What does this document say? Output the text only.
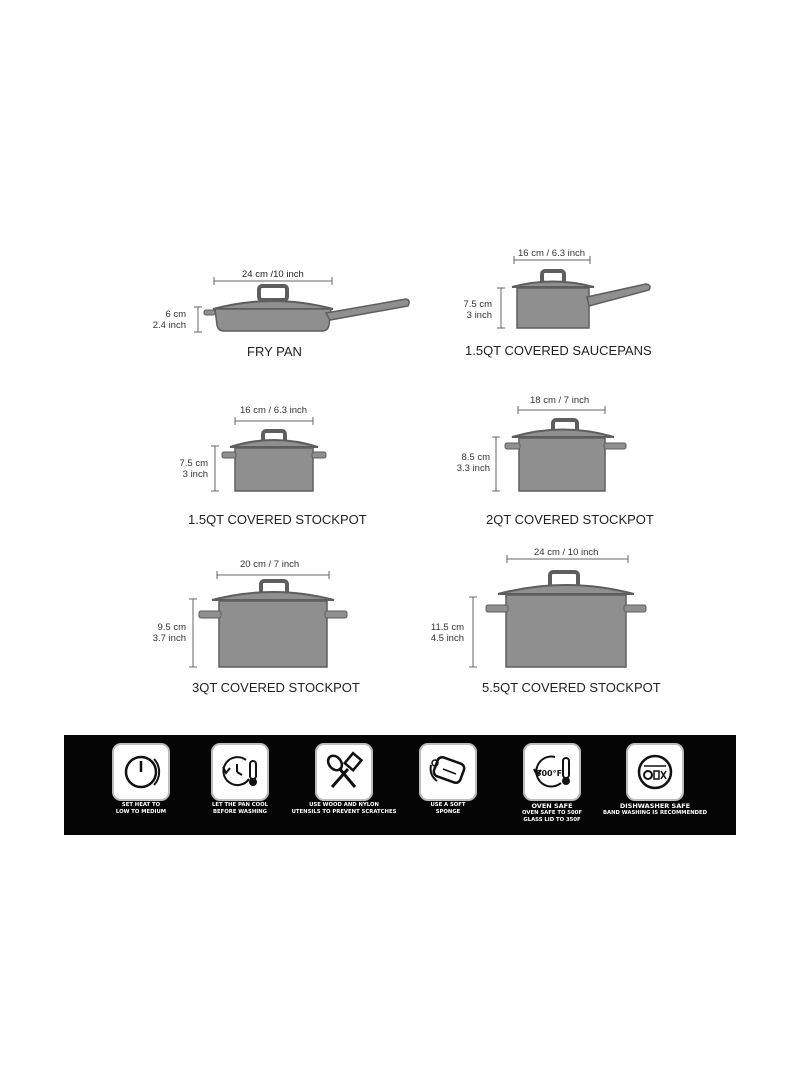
24 cm /10 inch
6 cm
2.4 inch
FRY PAN
16 cm / 6.3 inch
7.5 cm
3 inch
1.5QT COVERED SAUCEPANS
16 cm / 6.3 inch
7.5 cm
3 inch
1.5QT COVERED STOCKPOT
18 cm / 7 inch
8.5 cm
3.3 inch
2QT COVERED STOCKPOT
20 cm / 7 inch
9.5 cm
3.7 inch
3QT COVERED STOCKPOT
24 cm / 10 inch
11.5 cm
4.5 inch
5.5QT COVERED STOCKPOT
SET HEAT TO
LOW TO MEDIUM
LET THE PAN COOL
BEFORE WASHING
USE WOOD AND NYLON
UTENSILS TO PREVENT SCRATCHES
USE A SOFT
SPONGE
500°F
OVEN SAFE
OVEN SAFE TO 500F
GLASS LID TO 350F
DISHWASHER SAFE
BAND WASHING IS RECOMMENDED
